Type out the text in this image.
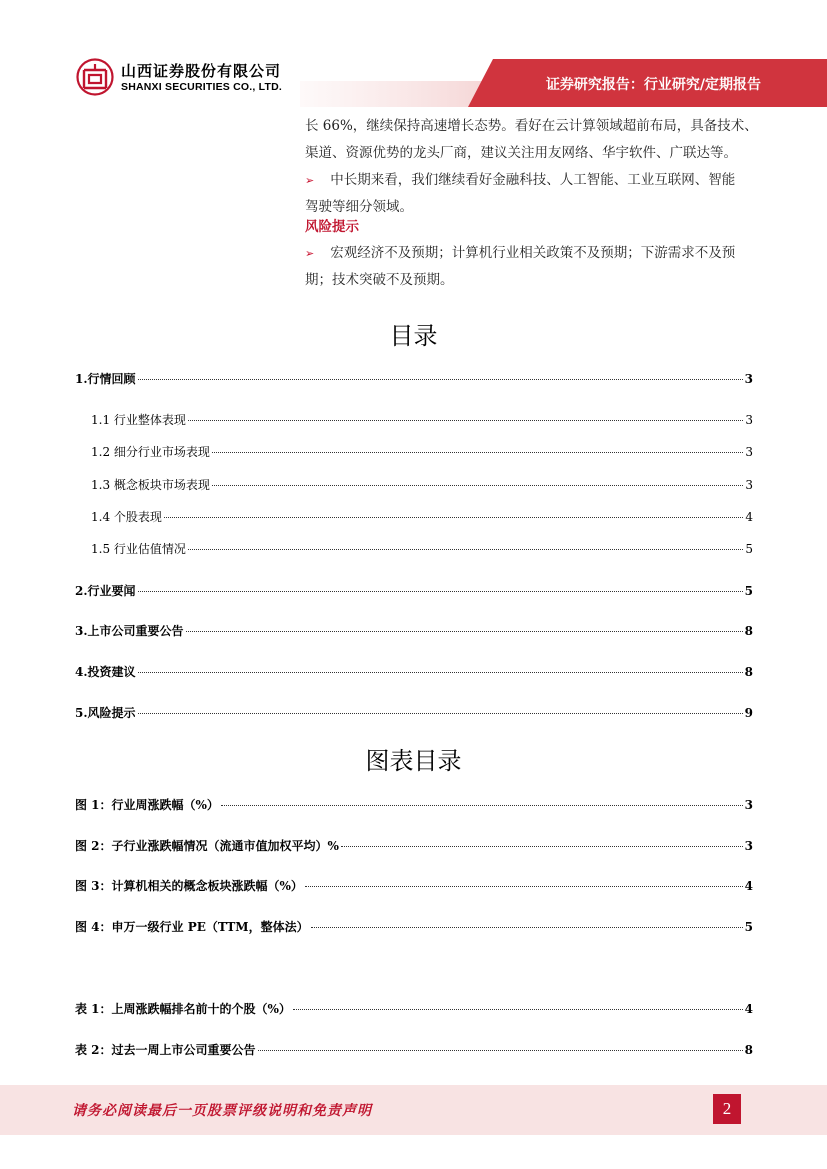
山西证券股份有限公司
SHANXI SECURITIES CO., LTD.	证券研究报告：行业研究/定期报告
长 66%，继续保持高速增长态势。看好在云计算领域超前布局，具备技术、
渠道、资源优势的龙头厂商，建议关注用友网络、华宇软件、广联达等。
➢ 中长期来看，我们继续看好金融科技、人工智能、工业互联网、智能
驾驶等细分领域。
风险提示
➢ 宏观经济不及预期；计算机行业相关政策不及预期；下游需求不及预
期；技术突破不及预期。
目录
1.行情回顾	3
1.1 行业整体表现	3
1.2 细分行业市场表现	3
1.3 概念板块市场表现	3
1.4 个股表现	4
1.5 行业估值情况	5
2.行业要闻	5
3.上市公司重要公告	8
4.投资建议	8
5.风险提示	9
图表目录
图 1：行业周涨跌幅（%）	3
图 2：子行业涨跌幅情况（流通市值加权平均）%	3
图 3：计算机相关的概念板块涨跌幅（%）	4
图 4：申万一级行业 PE（TTM，整体法）	5
表 1：上周涨跌幅排名前十的个股（%）	4
表 2：过去一周上市公司重要公告	8
请务必阅读最后一页股票评级说明和免责声明	2
